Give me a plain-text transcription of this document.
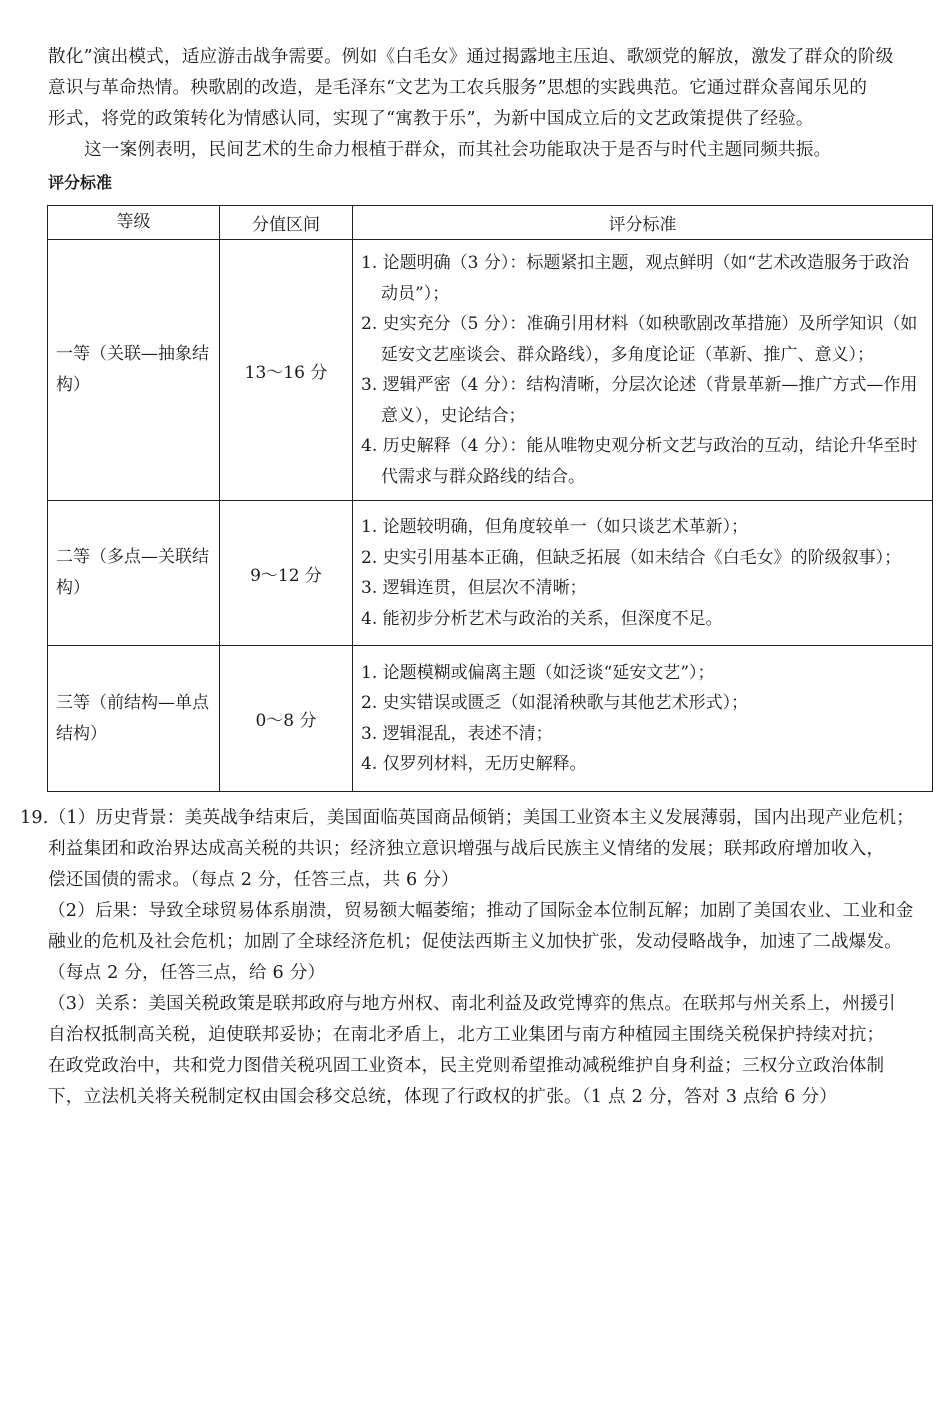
散化”演出模式，适应游击战争需要。例如《白毛女》通过揭露地主压迫、歌颂党的解放，激发了群众的阶级
意识与革命热情。秧歌剧的改造，是毛泽东“文艺为工农兵服务”思想的实践典范。它通过群众喜闻乐见的
形式，将党的政策转化为情感认同，实现了“寓教于乐”，为新中国成立后的文艺政策提供了经验。
这一案例表明，民间艺术的生命力根植于群众，而其社会功能取决于是否与时代主题同频共振。
评分标准
等级	分值区间	评分标准
一等（关联—抽象结构）	13～16 分	1. 论题明确（3 分）：标题紧扣主题，观点鲜明（如“艺术改造服务于政治动员”）；
2. 史实充分（5 分）：准确引用材料（如秧歌剧改革措施）及所学知识（如延安文艺座谈会、群众路线），多角度论证（革新、推广、意义）；
3. 逻辑严密（4 分）：结构清晰，分层次论述（背景革新—推广方式—作用意义），史论结合；
4. 历史解释（4 分）：能从唯物史观分析文艺与政治的互动，结论升华至时代需求与群众路线的结合。

二等（多点—关联结构）	9～12 分	1. 论题较明确，但角度较单一（如只谈艺术革新）；
2. 史实引用基本正确，但缺乏拓展（如未结合《白毛女》的阶级叙事）；
3. 逻辑连贯，但层次不清晰；
4. 能初步分析艺术与政治的关系，但深度不足。

三等（前结构—单点结构）	0～8 分	1. 论题模糊或偏离主题（如泛谈“延安文艺”）；
2. 史实错误或匮乏（如混淆秧歌与其他艺术形式）；
3. 逻辑混乱，表述不清；
4. 仅罗列材料，无历史解释。
19.（1）历史背景：美英战争结束后，美国面临英国商品倾销；美国工业资本主义发展薄弱，国内出现产业危机；
利益集团和政治界达成高关税的共识；经济独立意识增强与战后民族主义情绪的发展；联邦政府增加收入，
偿还国债的需求。（每点 2 分，任答三点，共 6 分）
（2）后果：导致全球贸易体系崩溃，贸易额大幅萎缩；推动了国际金本位制瓦解；加剧了美国农业、工业和金
融业的危机及社会危机；加剧了全球经济危机；促使法西斯主义加快扩张，发动侵略战争，加速了二战爆发。
（每点 2 分，任答三点，给 6 分）
（3）关系：美国关税政策是联邦政府与地方州权、南北利益及政党博弈的焦点。在联邦与州关系上，州援引
自治权抵制高关税，迫使联邦妥协；在南北矛盾上，北方工业集团与南方种植园主围绕关税保护持续对抗；
在政党政治中，共和党力图借关税巩固工业资本，民主党则希望推动减税维护自身利益；三权分立政治体制
下，立法机关将关税制定权由国会移交总统，体现了行政权的扩张。（1 点 2 分，答对 3 点给 6 分）
